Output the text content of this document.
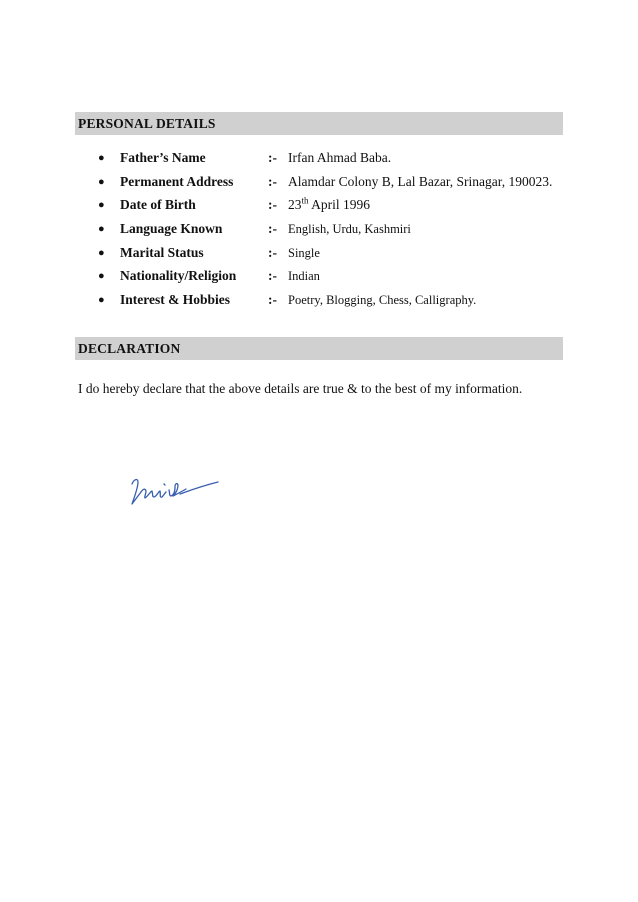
PERSONAL DETAILS
● Father’s Name	:- Irfan Ahmad Baba.
● Permanent Address	:- Alamdar Colony B, Lal Bazar, Srinagar, 190023.
● Date of Birth	:- 23th April 1996
● Language Known	:- English, Urdu, Kashmiri
● Marital Status	:- Single
● Nationality/Religion :- Indian
● Interest & Hobbies	:- Poetry, Blogging, Chess, Calligraphy.
DECLARATION
I do hereby declare that the above details are true & to the best of my information.
